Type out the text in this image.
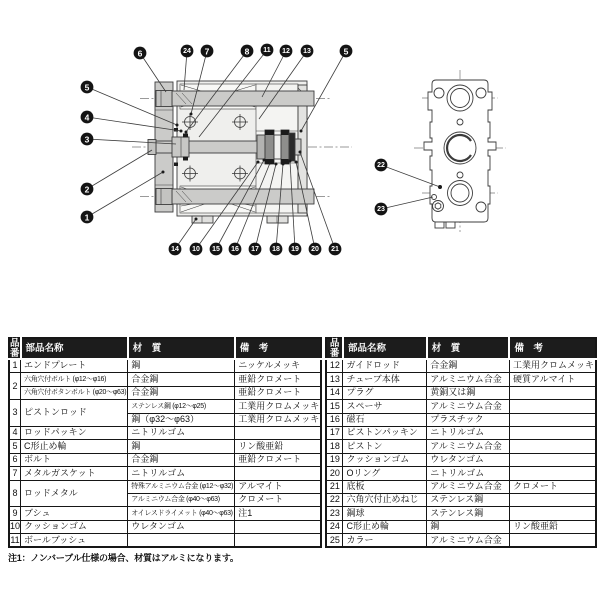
6	24 7	8 11 12 13	5
5
4
3
2
1
14 10 15 16 17 18 19 20 21
22
23
品番	部品名称	材　質	備　考
1	エンドプレート	鋼	ニッケルメッキ
2	六角穴付ボルト (φ12～φ16)	合金鋼	亜鉛クロメート
	六角穴付ボタンボルト (φ20～φ63)	合金鋼	亜鉛クロメート
3	ピストンロッド	ステンレス鋼 (φ12～φ25)	工業用クロムメッキ
		鋼（φ32～φ63）	工業用クロムメッキ
4	ロッドパッキン	ニトリルゴム	
5	C形止め輪	鋼	リン酸亜鉛
6	ボルト	合金鋼	亜鉛クロメート
7	メタルガスケット	ニトリルゴム	
8	ロッドメタル	特殊アルミニウム合金 (φ12～φ32)	アルマイト
		アルミニウム合金 (φ40～φ63)	クロメート
9	ブシュ	オイレスドライメット (φ40～φ63)	注1
10	クッションゴム	ウレタンゴム	
11	ボールブッシュ		
品番	部品名称	材　質	備　考
12	ガイドロッド	合金鋼	工業用クロムメッキ
13	チューブ本体	アルミニウム合金	硬質アルマイト
14	プラグ	黄銅又は鋼	
15	スペーサ	アルミニウム合金	
16	磁石	プラスチック	
17	ピストンパッキン	ニトリルゴム	
18	ピストン	アルミニウム合金	
19	クッションゴム	ウレタンゴム	
20	Oリング	ニトリルゴム	
21	底板	アルミニウム合金	クロメート
22	六角穴付止めねじ	ステンレス鋼	
23	鋼球	ステンレス鋼	
24	C形止め輪	鋼	リン酸亜鉛
25	カラー	アルミニウム合金	
注1：ノンバーブル仕様の場合、材質はアルミになります。
